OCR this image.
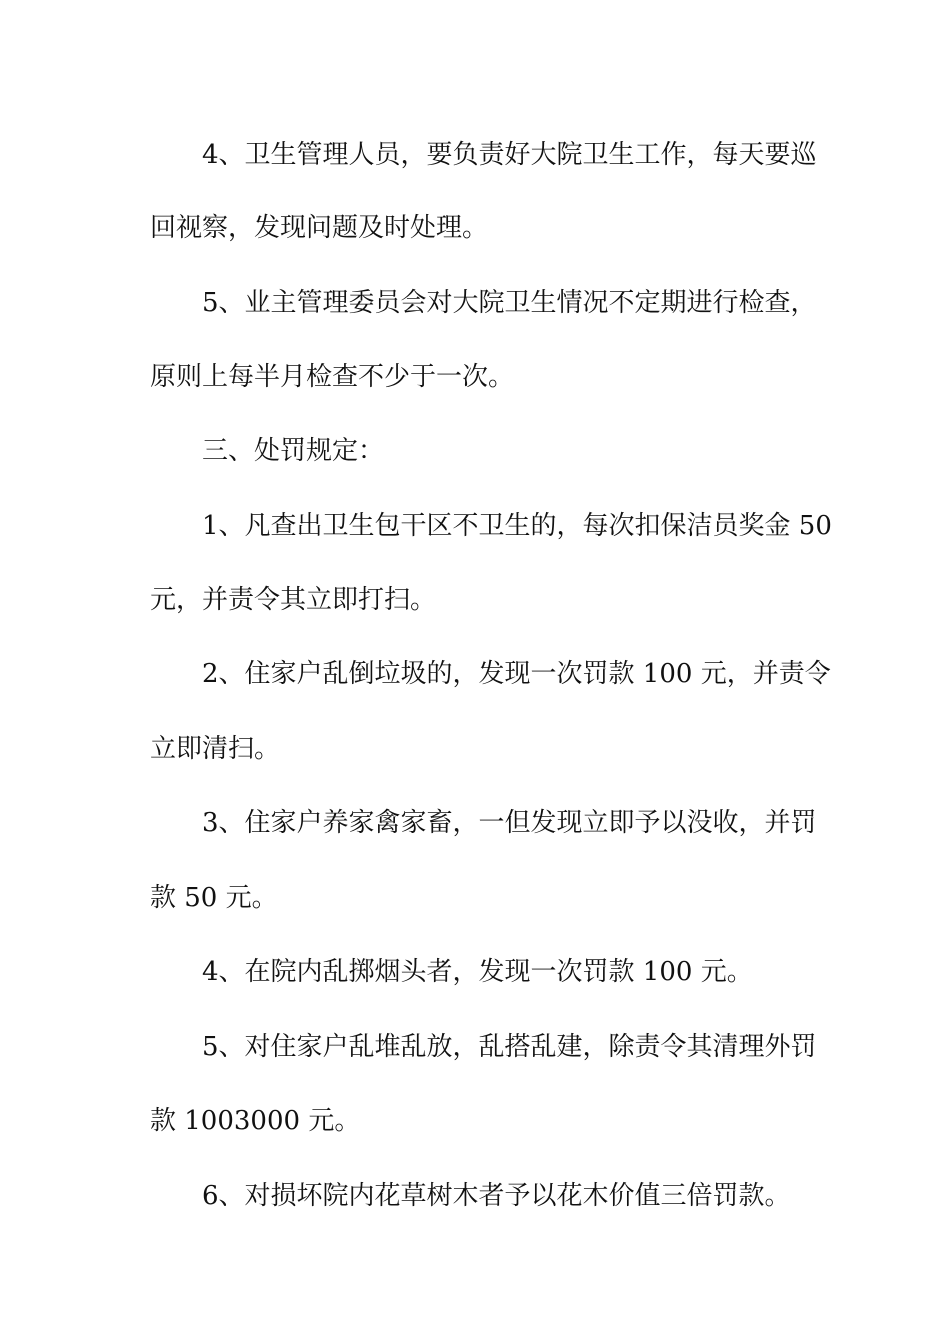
4、卫生管理人员，要负责好大院卫生工作，每天要巡

回视察，发现问题及时处理。

5、业主管理委员会对大院卫生情况不定期进行检查，

原则上每半月检查不少于一次。

三、处罚规定：

1、凡查出卫生包干区不卫生的，每次扣保洁员奖金 50

元，并责令其立即打扫。

2、住家户乱倒垃圾的，发现一次罚款 100 元，并责令

立即清扫。

3、住家户养家禽家畜，一但发现立即予以没收，并罚

款 50 元。

4、在院内乱掷烟头者，发现一次罚款 100 元。

5、对住家户乱堆乱放，乱搭乱建，除责令其清理外罚

款 1003000 元。

6、对损坏院内花草树木者予以花木价值三倍罚款。
